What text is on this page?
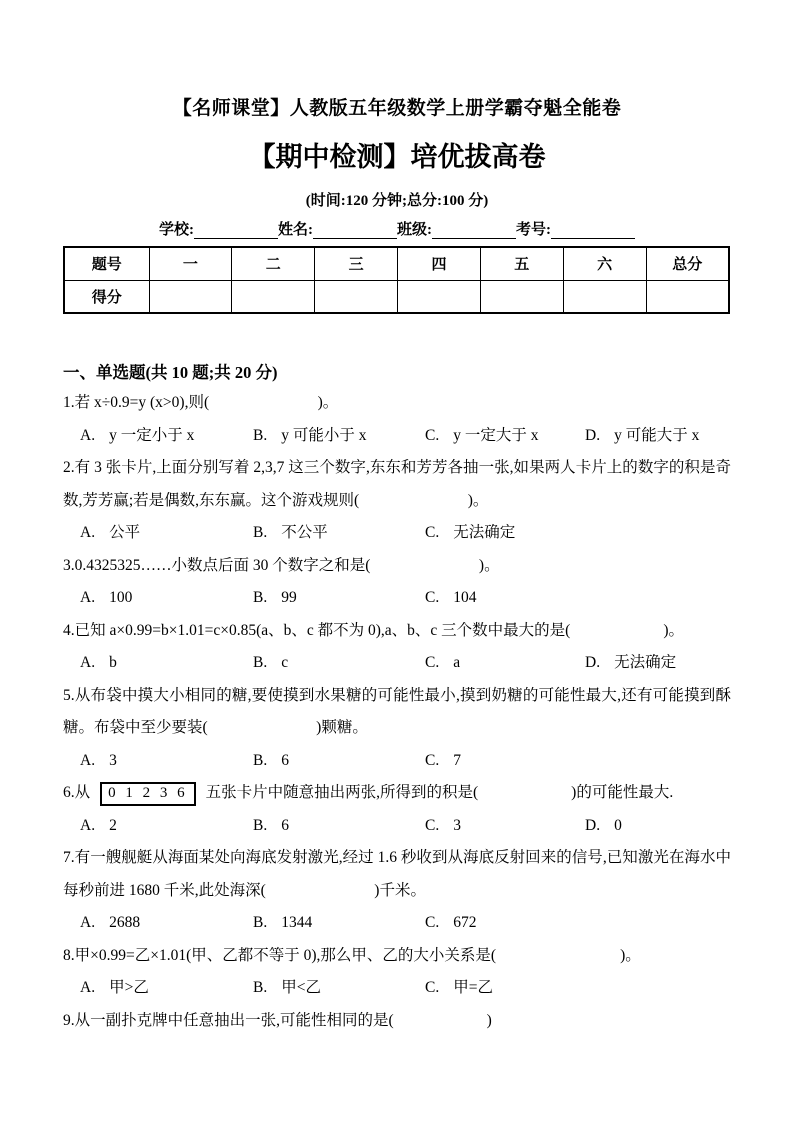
【名师课堂】人教版五年级数学上册学霸夺魁全能卷
【期中检测】培优拔高卷
(时间:120 分钟;总分:100 分)
学校:	姓名:	班级:	考号:
题号	一	二	三	四	五	六	总分
得分							
一、单选题(共 10 题;共 20 分)

1.若 x÷0.9=y (x>0),则(　　　　　　　)。

A. y 一定小于 x	B. y 可能小于 x	C. y 一定大于 x	D. y 可能大于 x

2.有 3 张卡片,上面分别写着 2,3,7 这三个数字,东东和芳芳各抽一张,如果两人卡片上的数字的积是奇数,芳芳赢;若是偶数,东东赢。这个游戏规则(　　　　　　　)。

A. 公平	B. 不公平	C. 无法确定

3.0.4325325……小数点后面 30 个数字之和是(　　　　　　　)。

A. 100	B. 99	C. 104

4.已知 a×0.99=b×1.01=c×0.85(a、b、c 都不为 0),a、b、c 三个数中最大的是(　　　　　　)。

A. b	B. c	C. a	D. 无法确定

5.从布袋中摸大小相同的糖,要使摸到水果糖的可能性最小,摸到奶糖的可能性最大,还有可能摸到酥糖。布袋中至少要装(　　　　　　　)颗糖。

A. 3	B. 6	C. 7

6.从 0 1 2 3 6 五张卡片中随意抽出两张,所得到的积是(　　　　　　)的可能性最大.

A. 2	B. 6	C. 3	D. 0

7.有一艘舰艇从海面某处向海底发射激光,经过 1.6 秒收到从海底反射回来的信号,已知激光在海水中每秒前进 1680 千米,此处海深(　　　　　　　)千米。

A. 2688	B. 1344	C. 672

8.甲×0.99=乙×1.01(甲、乙都不等于 0),那么甲、乙的大小关系是(　　　　　　　　)。

A. 甲>乙	B. 甲<乙	C. 甲=乙

9.从一副扑克牌中任意抽出一张,可能性相同的是(　　　　　　)
